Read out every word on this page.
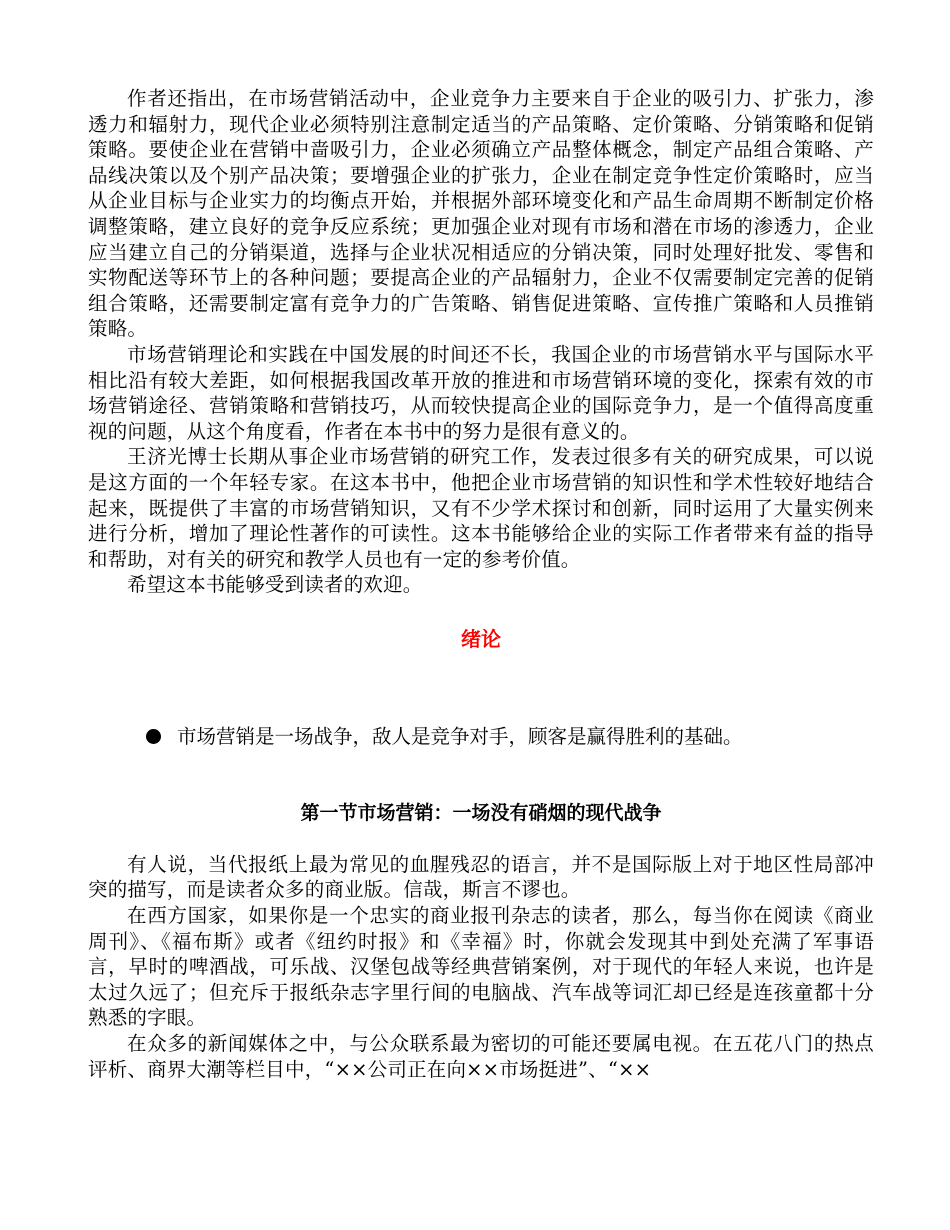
作者还指出，在市场营销活动中，企业竞争力主要来自于企业的吸引力、扩张力，渗透力和辐射力，现代企业必须特别注意制定适当的产品策略、定价策略、分销策略和促销策略。要使企业在营销中啬吸引力，企业必须确立产品整体概念，制定产品组合策略、产品线决策以及个别产品决策；要增强企业的扩张力，企业在制定竞争性定价策略时，应当从企业目标与企业实力的均衡点开始，并根据外部环境变化和产品生命周期不断制定价格调整策略，建立良好的竞争反应系统；更加强企业对现有市场和潜在市场的渗透力，企业应当建立自己的分销渠道，选择与企业状况相适应的分销决策，同时处理好批发、零售和实物配送等环节上的各种问题；要提高企业的产品辐射力，企业不仅需要制定完善的促销组合策略，还需要制定富有竞争力的广告策略、销售促进策略、宣传推广策略和人员推销策略。

市场营销理论和实践在中国发展的时间还不长，我国企业的市场营销水平与国际水平相比沿有较大差距，如何根据我国改革开放的推进和市场营销环境的变化，探索有效的市场营销途径、营销策略和营销技巧，从而较快提高企业的国际竞争力，是一个值得高度重视的问题，从这个角度看，作者在本书中的努力是很有意义的。

王济光博士长期从事企业市场营销的研究工作，发表过很多有关的研究成果，可以说是这方面的一个年轻专家。在这本书中，他把企业市场营销的知识性和学术性较好地结合起来，既提供了丰富的市场营销知识，又有不少学术探讨和创新，同时运用了大量实例来进行分析，增加了理论性著作的可读性。这本书能够给企业的实际工作者带来有益的指导和帮助，对有关的研究和教学人员也有一定的参考价值。

希望这本书能够受到读者的欢迎。

绪论
市场营销是一场战争，敌人是竞争对手，顾客是赢得胜利的基础。
第一节市场营销：一场没有硝烟的现代战争

有人说，当代报纸上最为常见的血腥残忍的语言，并不是国际版上对于地区性局部冲突的描写，而是读者众多的商业版。信哉，斯言不谬也。

在西方国家，如果你是一个忠实的商业报刊杂志的读者，那么，每当你在阅读《商业周刊》、《福布斯》或者《纽约时报》和《幸福》时，你就会发现其中到处充满了军事语言，早时的啤酒战，可乐战、汉堡包战等经典营销案例，对于现代的年轻人来说，也许是太过久远了；但充斥于报纸杂志字里行间的电脑战、汽车战等词汇却已经是连孩童都十分熟悉的字眼。

在众多的新闻媒体之中，与公众联系最为密切的可能还要属电视。在五花八门的热点评析、商界大潮等栏目中，“××公司正在向××市场挺进”、“××
